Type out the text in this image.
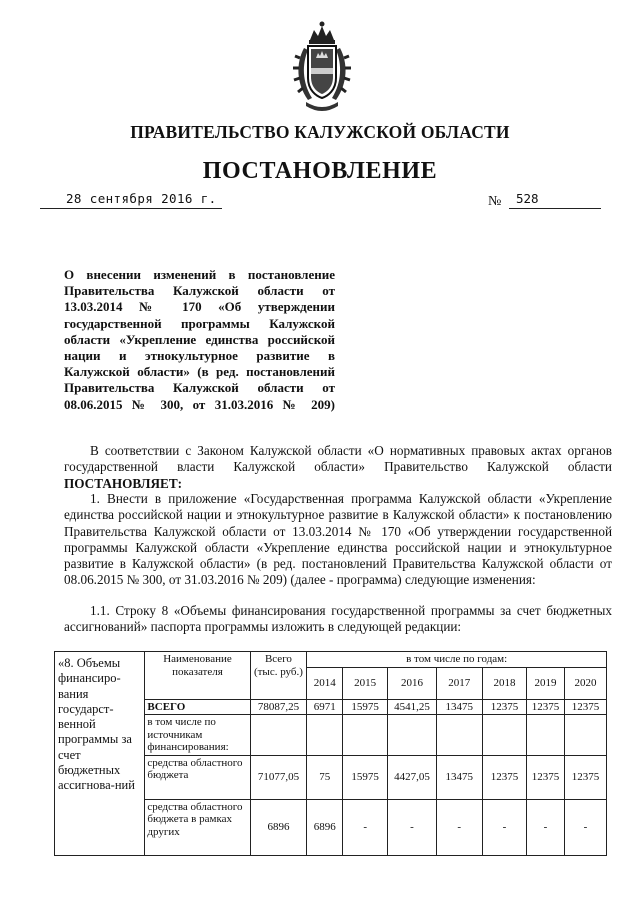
ПРАВИТЕЛЬСТВО КАЛУЖСКОЙ ОБЛАСТИ
ПОСТАНОВЛЕНИЕ
28 сентября 2016 г.	№ 528
О внесении изменений в постановление Правительства Калужской области от 13.03.2014 № 170 «Об утверждении государственной программы Калужской области «Укрепление единства российской нации и этнокультурное развитие в Калужской области» (в ред. постановлений Правительства Калужской области от 08.06.2015 № 300, от 31.03.2016 № 209)
В соответствии с Законом Калужской области «О нормативных правовых актах органов государственной власти Калужской области» Правительство Калужской области ПОСТАНОВЛЯЕТ:
1. Внести в приложение «Государственная программа Калужской области «Укрепление единства российской нации и этнокультурное развитие в Калужской области» к постановлению Правительства Калужской области от 13.03.2014 № 170 «Об утверждении государственной программы Калужской области «Укрепление единства российской нации и этнокультурное развитие в Калужской области» (в ред. постановлений Правительства Калужской области от 08.06.2015 № 300, от 31.03.2016 № 209) (далее - программа) следующие изменения:
1.1. Строку 8 «Объемы финансирования государственной программы за счет бюджетных ассигнований» паспорта программы изложить в следующей редакции:
«8. Объемы финансиро-вания государст-венной программы за счет бюджетных ассигнова-ний	Наименование показателя	Всего (тыс. руб.)	в том числе по годам:						
			2014	2015	2016	2017	2018	2019	2020
	ВСЕГО	78087,25	6971	15975	4541,25	13475	12375	12375	12375
	в том числе по источникам финансирования:								
	средства областного бюджета	71077,05	75	15975	4427,05	13475	12375	12375	12375
	средства областного бюджета в рамках других	6896	6896	-	-	-	-	-	-
